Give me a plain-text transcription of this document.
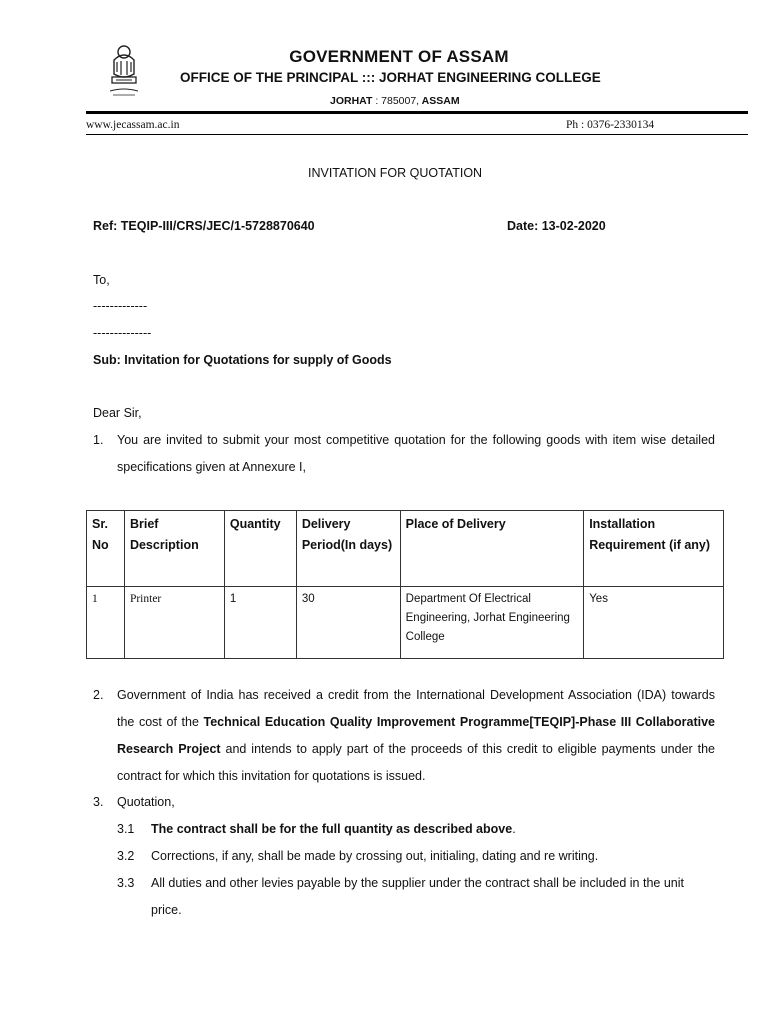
GOVERNMENT OF ASSAM
OFFICE OF THE PRINCIPAL ::: JORHAT ENGINEERING COLLEGE
JORHAT : 785007, ASSAM
www.jecassam.ac.in	Ph : 0376-2330134
INVITATION FOR QUOTATION
Ref: TEQIP-III/CRS/JEC/1-5728870640	Date: 13-02-2020
To,
-------------
--------------
Sub: Invitation for Quotations for supply of Goods
Dear Sir,
1. You are invited to submit your most competitive quotation for the following goods with item wise detailed specifications given at Annexure I,
Sr. No	Brief Description	Quantity	Delivery Period(In days)	Place of Delivery	Installation Requirement (if any)
1	Printer	1	30	Department Of Electrical Engineering, Jorhat Engineering College	Yes
2. Government of India has received a credit from the International Development Association (IDA) towards the cost of the Technical Education Quality Improvement Programme[TEQIP]-Phase III Collaborative Research Project and intends to apply part of the proceeds of this credit to eligible payments under the contract for which this invitation for quotations is issued.
3. Quotation,
3.1 The contract shall be for the full quantity as described above.
3.2 Corrections, if any, shall be made by crossing out, initialing, dating and re writing.
3.3 All duties and other levies payable by the supplier under the contract shall be included in the unit price.
